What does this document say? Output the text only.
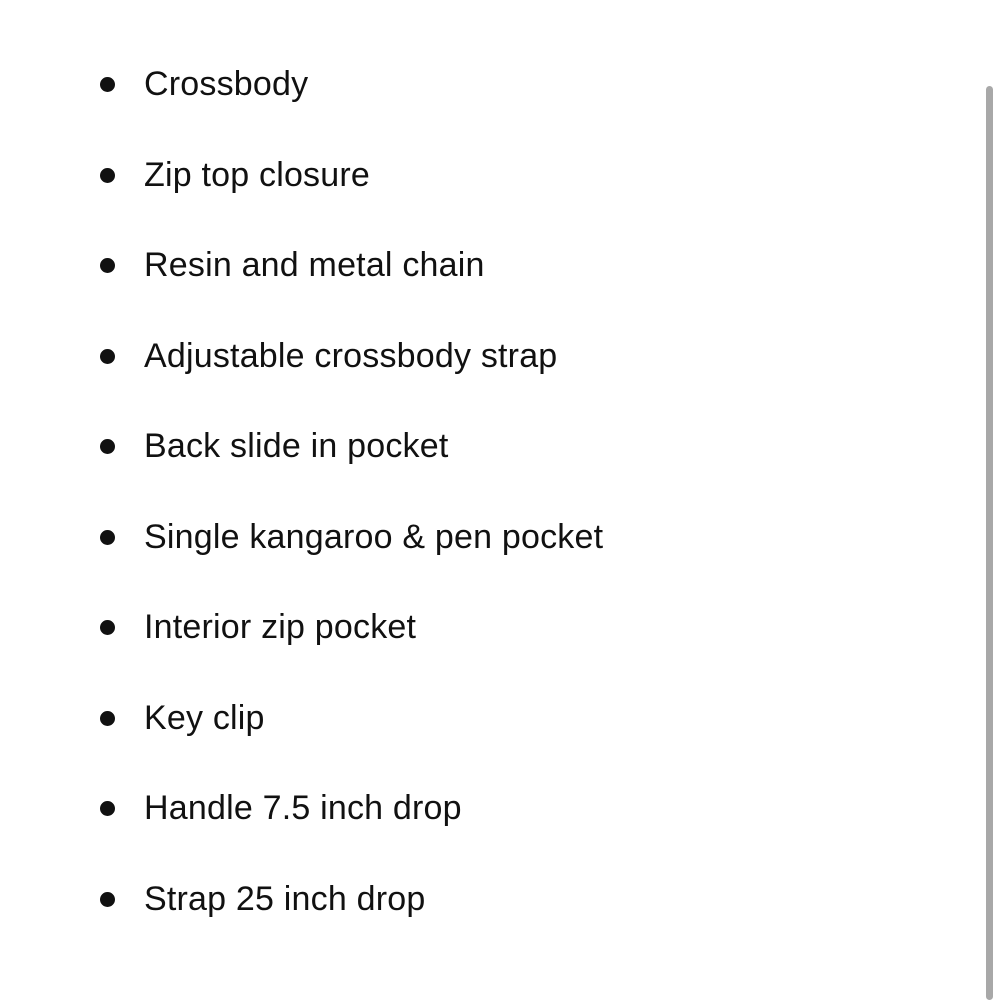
Crossbody
Zip top closure
Resin and metal chain
Adjustable crossbody strap
Back slide in pocket
Single kangaroo & pen pocket
Interior zip pocket
Key clip
Handle 7.5 inch drop
Strap 25 inch drop
